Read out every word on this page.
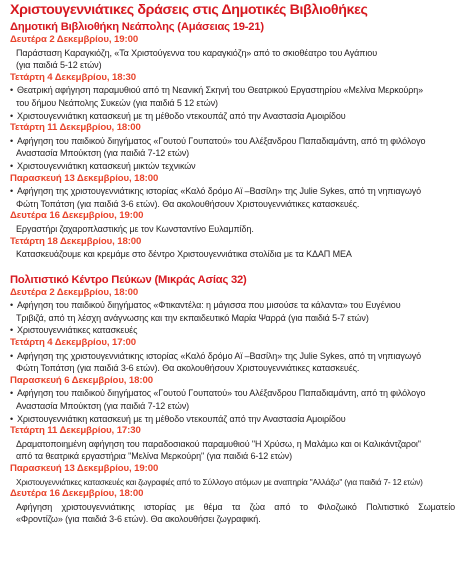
Χριστουγεννιάτικες δράσεις στις Δημοτικές Βιβλιοθήκες
Δημοτική Βιβλιοθήκη Νεάπολης (Αμάσειας 19-21)
Δευτέρα 2 Δεκεμβρίου, 19:00
Παράσταση Καραγκιόζη, «Τα Χριστούγεννα του καραγκιόζη» από το σκιοθέατρο του Αγάπιου
(για παιδιά 5-12 ετών)
Τετάρτη 4 Δεκεμβρίου, 18:30
• Θεατρική αφήγηση παραμυθιού από τη Νεανική Σκηνή του Θεατρικού Εργαστηρίου «Μελίνα Μερκούρη»
του δήμου Νεάπολης Συκεών (για παιδιά 5 12 ετών)
• Χριστουγεννιάτικη κατασκευή με τη μέθοδο ντεκουπάζ από την Αναστασία Αμοιρίδου
Τετάρτη 11 Δεκεμβρίου, 18:00
• Αφήγηση του παιδικού διηγήματος «Γουτού Γουπατού» του Αλέξανδρου Παπαδιαμάντη, από τη φιλόλογο
Αναστασία Μπούκτση (για παιδιά 7-12 ετών)
• Χριστουγεννιάτικη κατασκευή μικτών τεχνικών
Παρασκευή 13 Δεκεμβρίου, 18:00
• Αφήγηση της χριστουγεννιάτικης ιστορίας «Καλό δρόμο Αϊ –Βασίλη» της Julie Sykes, από τη νηπιαγωγό
Φώτη Τοπάτση (για παιδιά 3-6 ετών). Θα ακολουθήσουν Χριστουγεννιάτικες κατασκευές.
Δευτέρα 16 Δεκεμβρίου, 19:00
Εργαστήρι ζαχαροπλαστικής με τον Κωνσταντίνο Ευλαμπίδη.
Τετάρτη 18 Δεκεμβρίου, 18:00
Κατασκευάζουμε και κρεμάμε στο δέντρο Χριστουγεννιάτικα στολίδια με τα ΚΔΑΠ ΜΕΑ
Πολιτιστικό Κέντρο Πεύκων (Μικράς Ασίας 32)
Δευτέρα 2 Δεκεμβρίου, 18:00
• Αφήγηση του παιδικού διηγήματος «Φτικαντέλα: η μάγισσα που μισούσε τα κάλαντα» του Ευγένιου
Τριβιζά, από τη λέσχη ανάγνωσης και την εκπαιδευτικό Μαρία Ψαρρά (για παιδιά 5-7 ετών)
• Χριστουγεννιάτικες κατασκευές
Τετάρτη 4 Δεκεμβρίου, 17:00
• Αφήγηση της χριστουγεννιάτικης ιστορίας «Καλό δρόμο Αϊ –Βασίλη» της Julie Sykes, από τη νηπιαγωγό
Φώτη Τοπάτση (για παιδιά 3-6 ετών). Θα ακολουθήσουν Χριστουγεννιάτικες κατασκευές.
Παρασκευή 6 Δεκεμβρίου, 18:00
• Αφήγηση του παιδικού διηγήματος «Γουτού Γουπατού» του Αλέξανδρου Παπαδιαμάντη, από τη φιλόλογο
Αναστασία Μπούκτση (για παιδιά 7-12 ετών)
• Χριστουγεννιάτικη κατασκευή με τη μέθοδο ντεκουπάζ από την Αναστασία Αμοιρίδου
Τετάρτη 11 Δεκεμβρίου, 17:30
Δραματοποιημένη αφήγηση του παραδοσιακού παραμυθιού "Η Χρύσω, η Μαλάμω και οι Καλικάντζαροι"
από τα θεατρικά εργαστήρια "Μελίνα Μερκούρη" (για παιδιά 6-12 ετών)
Παρασκευή 13 Δεκεμβρίου, 19:00
Χριστουγεννιάτικες κατασκευές και ζωγραφιές από το Σύλλογο ατόμων με αναπηρία "Αλλάζω" (για παιδιά 7- 12 ετών)
Δευτέρα 16 Δεκεμβρίου, 18:00
Αφήγηση χριστουγεννιάτικης ιστορίας με θέμα τα ζώα από το Φιλοζωικό Πολιτιστικό Σωματείο
«Φροντίζω» (για παιδιά 3-6 ετών). Θα ακολουθήσει ζωγραφική.
